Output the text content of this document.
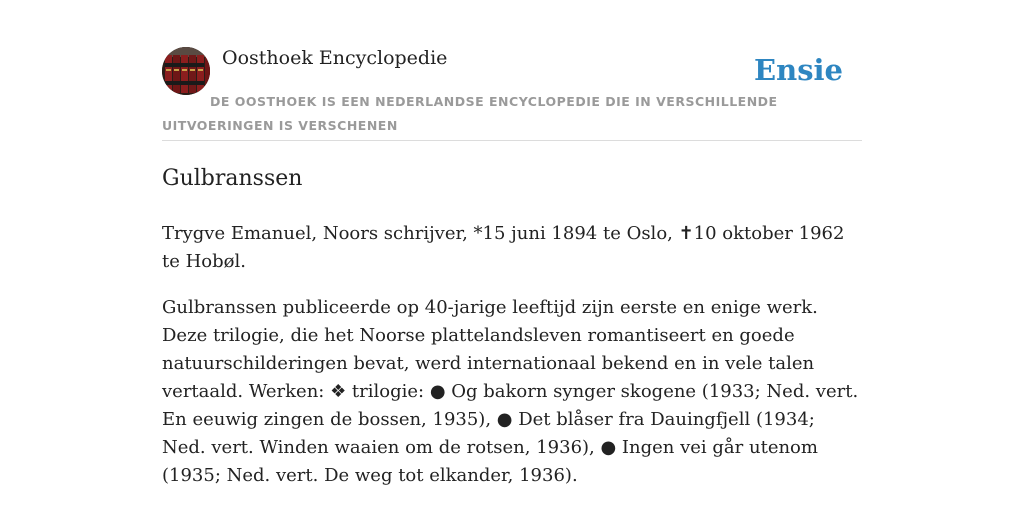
Oosthoek Encyclopedie	Ensie
DE OOSTHOEK IS EEN NEDERLANDSE ENCYCLOPEDIE DIE IN VERSCHILLENDE UITVOERINGEN IS VERSCHENEN
Gulbranssen

Trygve Emanuel, Noors schrijver, *15 juni 1894 te Oslo, ✝10 oktober 1962 te Hobøl.

Gulbranssen publiceerde op 40-jarige leeftijd zijn eerste en enige werk. Deze trilogie, die het Noorse plattelandsleven romantiseert en goede natuurschilderingen bevat, werd internationaal bekend en in vele talen vertaald. Werken: ❖ trilogie: ● Og bakorn synger skogene (1933; Ned. vert. En eeuwig zingen de bossen, 1935), ● Det blåser fra Dauingfjell (1934; Ned. vert. Winden waaien om de rotsen, 1936), ● Ingen vei går utenom (1935; Ned. vert. De weg tot elkander, 1936).
